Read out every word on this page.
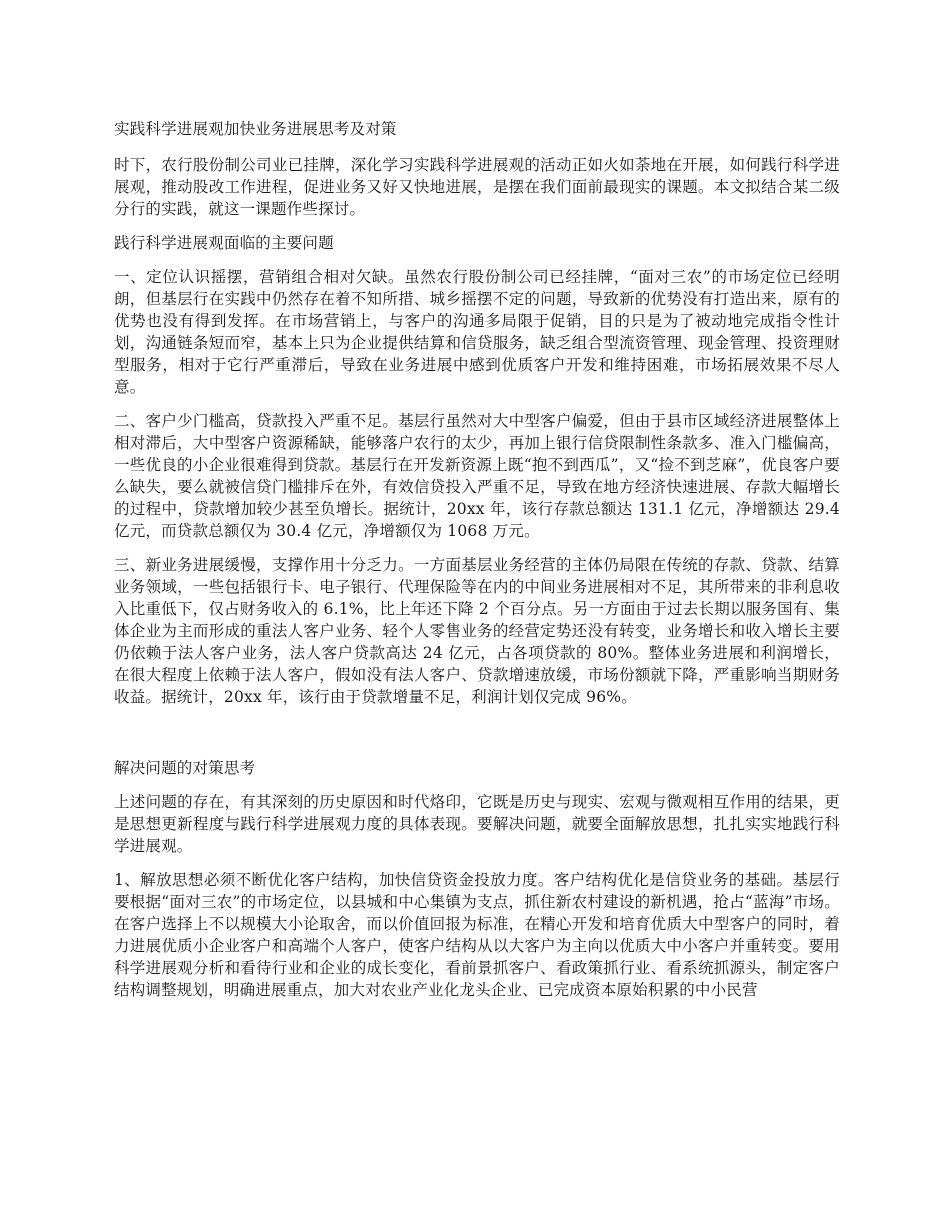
实践科学进展观加快业务进展思考及对策

时下，农行股份制公司业已挂牌，深化学习实践科学进展观的活动正如火如荼地在开展，如何践行科学进展观，推动股改工作进程，促进业务又好又快地进展，是摆在我们面前最现实的课题。本文拟结合某二级分行的实践，就这一课题作些探讨。

践行科学进展观面临的主要问题

一、定位认识摇摆，营销组合相对欠缺。虽然农行股份制公司已经挂牌，“面对三农”的市场定位已经明朗，但基层行在实践中仍然存在着不知所措、城乡摇摆不定的问题，导致新的优势没有打造出来，原有的优势也没有得到发挥。在市场营销上，与客户的沟通多局限于促销，目的只是为了被动地完成指令性计划，沟通链条短而窄，基本上只为企业提供结算和信贷服务，缺乏组合型流资管理、现金管理、投资理财型服务，相对于它行严重滞后，导致在业务进展中感到优质客户开发和维持困难，市场拓展效果不尽人意。

二、客户少门槛高，贷款投入严重不足。基层行虽然对大中型客户偏爱，但由于县市区域经济进展整体上相对滞后，大中型客户资源稀缺，能够落户农行的太少，再加上银行信贷限制性条款多、准入门槛偏高，一些优良的小企业很难得到贷款。基层行在开发新资源上既“抱不到西瓜”，又“捡不到芝麻”，优良客户要么缺失，要么就被信贷门槛排斥在外，有效信贷投入严重不足，导致在地方经济快速进展、存款大幅增长的过程中，贷款增加较少甚至负增长。据统计，20xx 年，该行存款总额达 131.1 亿元，净增额达 29.4 亿元，而贷款总额仅为 30.4 亿元，净增额仅为 1068 万元。

三、新业务进展缓慢，支撑作用十分乏力。一方面基层业务经营的主体仍局限在传统的存款、贷款、结算业务领域，一些包括银行卡、电子银行、代理保险等在内的中间业务进展相对不足，其所带来的非利息收入比重低下，仅占财务收入的 6.1%，比上年还下降 2 个百分点。另一方面由于过去长期以服务国有、集体企业为主而形成的重法人客户业务、轻个人零售业务的经营定势还没有转变，业务增长和收入增长主要仍依赖于法人客户业务，法人客户贷款高达 24 亿元，占各项贷款的 80%。整体业务进展和利润增长，在很大程度上依赖于法人客户，假如没有法人客户、贷款增速放缓，市场份额就下降，严重影响当期财务收益。据统计，20xx 年，该行由于贷款增量不足，利润计划仅完成 96%。

解决问题的对策思考

上述问题的存在，有其深刻的历史原因和时代烙印，它既是历史与现实、宏观与微观相互作用的结果，更是思想更新程度与践行科学进展观力度的具体表现。要解决问题，就要全面解放思想，扎扎实实地践行科学进展观。

1、解放思想必须不断优化客户结构，加快信贷资金投放力度。客户结构优化是信贷业务的基础。基层行要根据“面对三农”的市场定位，以县城和中心集镇为支点，抓住新农村建设的新机遇，抢占“蓝海”市场。在客户选择上不以规模大小论取舍，而以价值回报为标准，在精心开发和培育优质大中型客户的同时，着力进展优质小企业客户和高端个人客户，使客户结构从以大客户为主向以优质大中小客户并重转变。要用科学进展观分析和看待行业和企业的成长变化，看前景抓客户、看政策抓行业、看系统抓源头，制定客户结构调整规划，明确进展重点，加大对农业产业化龙头企业、已完成资本原始积累的中小民营
